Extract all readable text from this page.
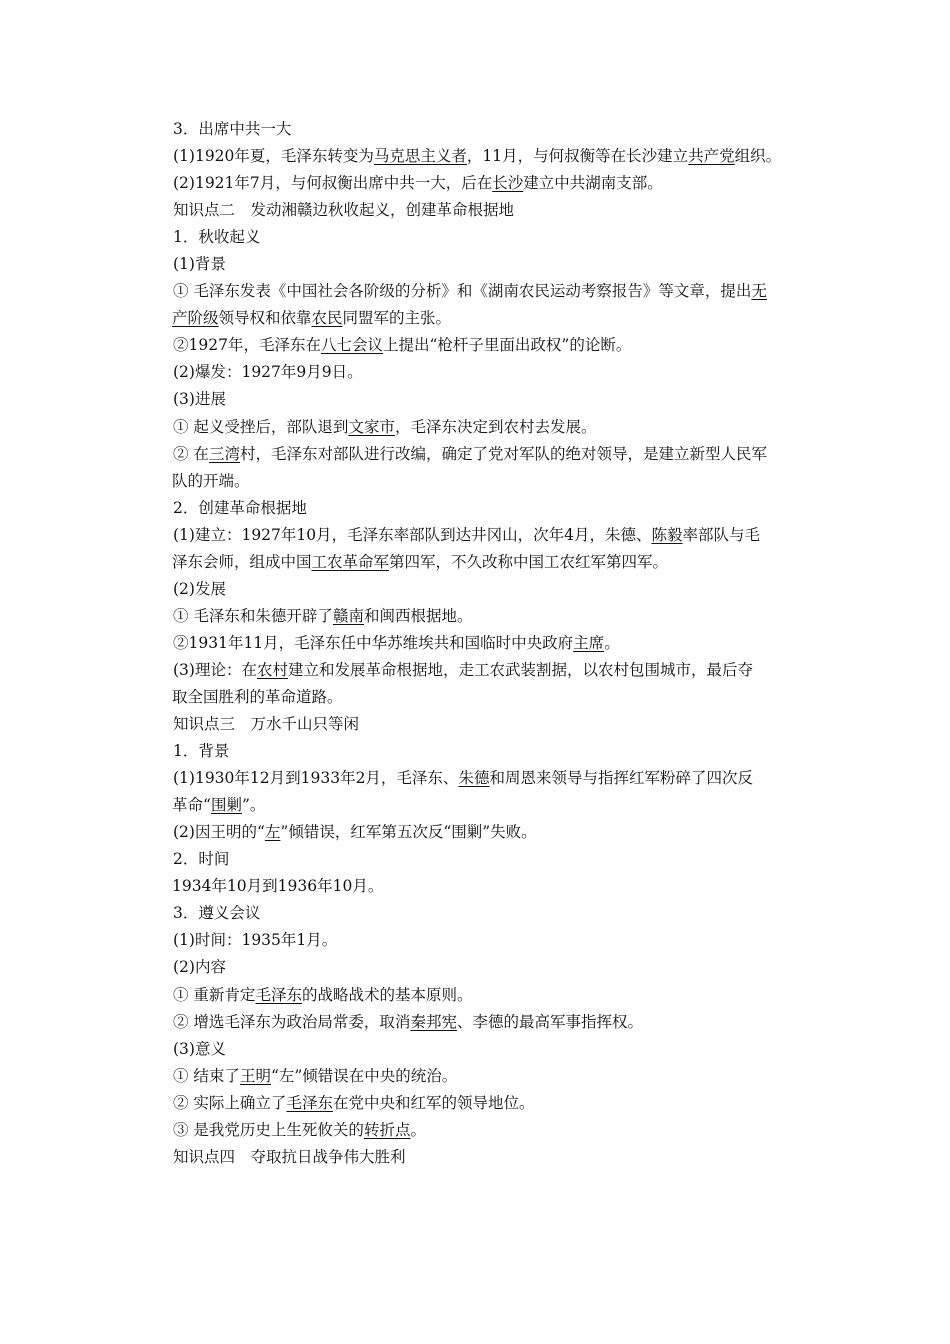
3．出席中共一大
(1)1920年夏，毛泽东转变为马克思主义者，11月，与何叔衡等在长沙建立共产党组织。
(2)1921年7月，与何叔衡出席中共一大，后在长沙建立中共湖南支部。
知识点二　发动湘赣边秋收起义，创建革命根据地
1．秋收起义
(1)背景
① 毛泽东发表《中国社会各阶级的分析》和《湖南农民运动考察报告》等文章，提出无
产阶级领导权和依靠农民同盟军的主张。
②1927年，毛泽东在八七会议上提出“枪杆子里面出政权”的论断。
(2)爆发：1927年9月9日。
(3)进展
① 起义受挫后，部队退到文家市，毛泽东决定到农村去发展。
② 在三湾村，毛泽东对部队进行改编，确定了党对军队的绝对领导，是建立新型人民军
队的开端。
2．创建革命根据地
(1)建立：1927年10月，毛泽东率部队到达井冈山，次年4月，朱德、陈毅率部队与毛
泽东会师，组成中国工农革命军第四军，不久改称中国工农红军第四军。
(2)发展
① 毛泽东和朱德开辟了赣南和闽西根据地。
②1931年11月，毛泽东任中华苏维埃共和国临时中央政府主席。
(3)理论：在农村建立和发展革命根据地，走工农武装割据，以农村包围城市，最后夺
取全国胜利的革命道路。
知识点三　万水千山只等闲
1．背景
(1)1930年12月到1933年2月，毛泽东、朱德和周恩来领导与指挥红军粉碎了四次反
革命“围剿”。
(2)因王明的“左”倾错误，红军第五次反“围剿”失败。
2．时间
1934年10月到1936年10月。
3．遵义会议
(1)时间：1935年1月。
(2)内容
① 重新肯定毛泽东的战略战术的基本原则。
② 增选毛泽东为政治局常委，取消秦邦宪、李德的最高军事指挥权。
(3)意义
① 结束了王明“左”倾错误在中央的统治。
② 实际上确立了毛泽东在党中央和红军的领导地位。
③ 是我党历史上生死攸关的转折点。
知识点四　夺取抗日战争伟大胜利
